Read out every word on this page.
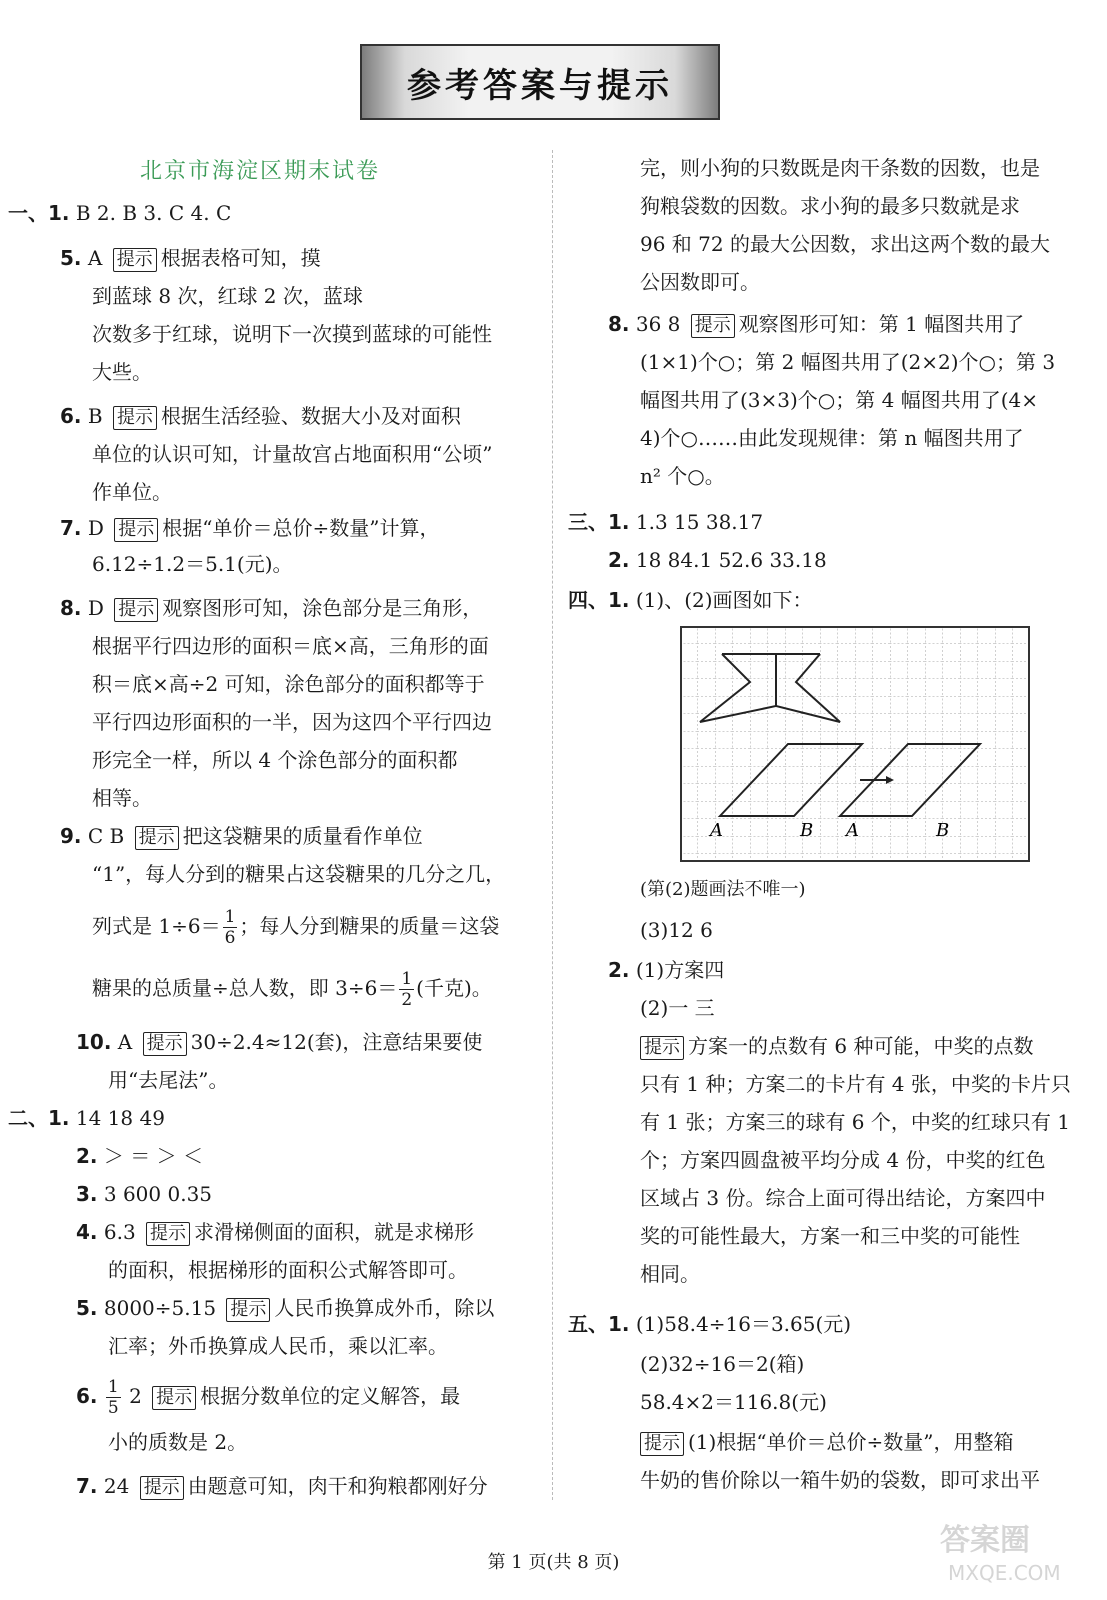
参考答案与提示
北京市海淀区期末试卷
一、1. B 2. B 3. C 4. C
5. A 提示 根据表格可知，摸
到蓝球 8 次，红球 2 次，蓝球
次数多于红球，说明下一次摸到蓝球的可能性
大些。
6. B 提示 根据生活经验、数据大小及对面积
单位的认识可知，计量故宫占地面积用“公顷”
作单位。
7. D 提示 根据“单价＝总价÷数量”计算，
6.12÷1.2＝5.1(元)。
8. D 提示 观察图形可知，涂色部分是三角形，
根据平行四边形的面积＝底×高，三角形的面
积＝底×高÷2 可知，涂色部分的面积都等于
平行四边形面积的一半，因为这四个平行四边
形完全一样，所以 4 个涂色部分的面积都
相等。
9. C B 提示 把这袋糖果的质量看作单位
“1”，每人分到的糖果占这袋糖果的几分之几，
列式是 $1\div 6= \frac{1}{6}$ ；每人分到糖果的质量＝这袋
糖果的总质量÷总人数，即 $3\div 6= \frac{1}{2}$ (千克)。
10. A 提示 30÷2.4≈12(套)，注意结果要使
用“去尾法”。
二、1. 14 18 49
2. ＞ ＝ ＞ ＜
3. 3 600 0.35
4. 6.3 提示 求滑梯侧面的面积，就是求梯形
的面积，根据梯形的面积公式解答即可。
5. 8000÷5.15 提示 人民币换算成外币，除以
汇率；外币换算成人民币，乘以汇率。
6. $\frac{1}{5} 2$ 提示 根据分数单位的定义解答，最
小的质数是 2。
7. 24 提示 由题意可知，肉干和狗粮都刚好分
完，则小狗的只数既是肉干条数的因数，也是
狗粮袋数的因数。求小狗的最多只数就是求
96 和 72 的最大公因数，求出这两个数的最大
公因数即可。
8. 36 8 提示 观察图形可知：第 1 幅图共用了
(1×1)个○；第 2 幅图共用了(2×2)个○；第 3
幅图共用了(3×3)个○；第 4 幅图共用了(4×
4)个○……由此发现规律：第 n 幅图共用了
n² 个○。
三、1. 1.3 15 38.17
2. 18 84.1 52.6 33.18
四、1. (1)、(2)画图如下：
(第(2)题画法不唯一)
(3)12 6
2. (1)方案四
(2)一 三
提示 方案一的点数有 6 种可能，中奖的点数
只有 1 种；方案二的卡片有 4 张，中奖的卡片只
有 1 张；方案三的球有 6 个，中奖的红球只有 1
个；方案四圆盘被平均分成 4 份，中奖的红色
区域占 3 份。综合上面可得出结论，方案四中
奖的可能性最大，方案一和三中奖的可能性
相同。
五、1. (1)58.4÷16＝3.65(元)
(2)32÷16＝2(箱)
58.4×2＝116.8(元)
提示 (1)根据“单价＝总价÷数量”，用整箱
牛奶的售价除以一箱牛奶的袋数，即可求出平
A	B A	B
第 1 页(共 8 页)
答案圈
MXQE.COM
